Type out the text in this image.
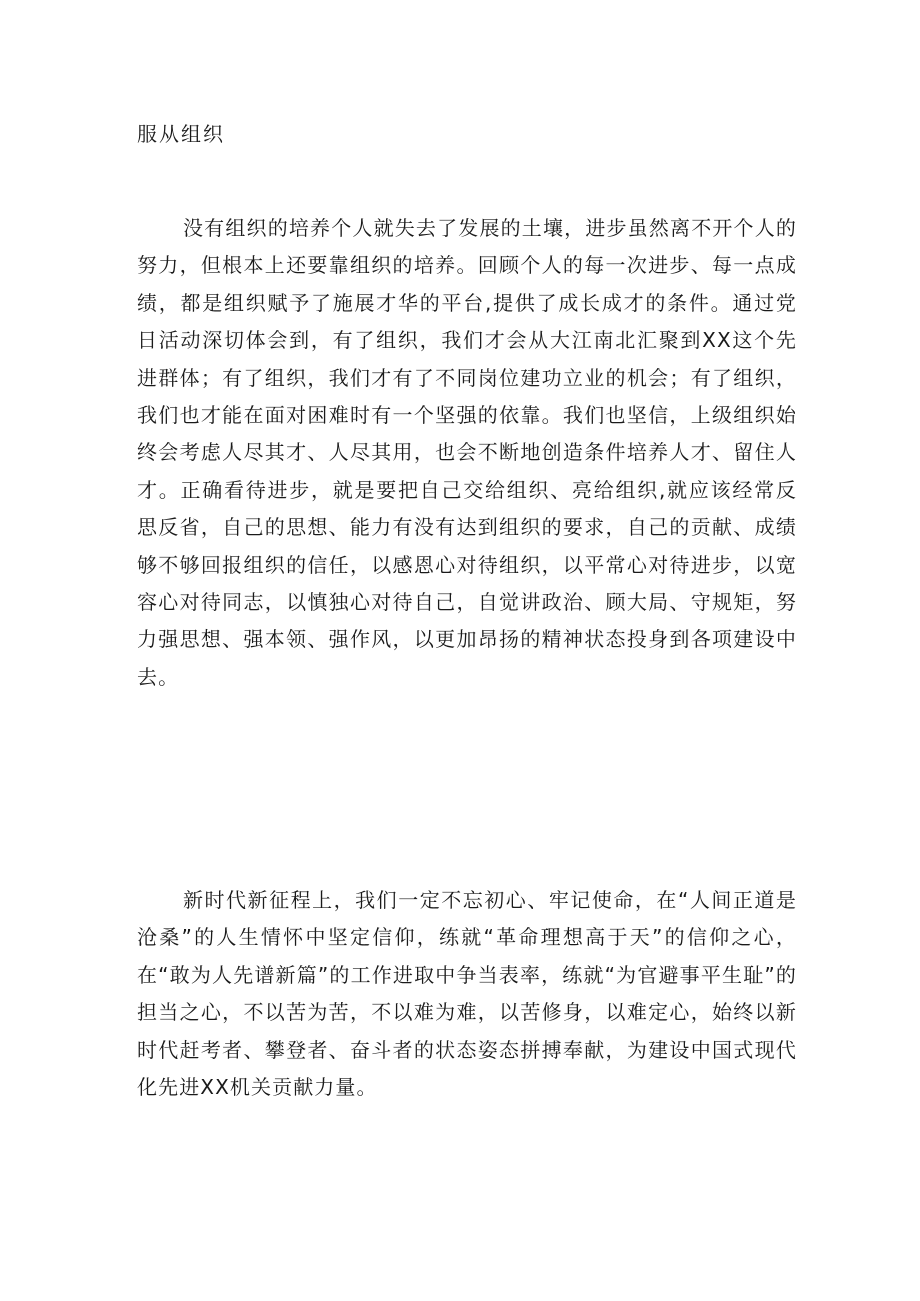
服从组织

没有组织的培养个人就失去了发展的土壤，进步虽然离不开个人的努力，但根本上还要靠组织的培养。回顾个人的每一次进步、每一点成绩，都是组织赋予了施展才华的平台,提供了成长成才的条件。通过党日活动深切体会到，有了组织，我们才会从大江南北汇聚到XX这个先进群体；有了组织，我们才有了不同岗位建功立业的机会；有了组织，我们也才能在面对困难时有一个坚强的依靠。我们也坚信，上级组织始终会考虑人尽其才、人尽其用，也会不断地创造条件培养人才、留住人才。正确看待进步，就是要把自己交给组织、亮给组织,就应该经常反思反省，自己的思想、能力有没有达到组织的要求，自己的贡献、成绩够不够回报组织的信任，以感恩心对待组织，以平常心对待进步，以宽容心对待同志，以慎独心对待自己，自觉讲政治、顾大局、守规矩，努力强思想、强本领、强作风，以更加昂扬的精神状态投身到各项建设中去。

新时代新征程上，我们一定不忘初心、牢记使命，在“人间正道是沧桑”的人生情怀中坚定信仰，练就“革命理想高于天”的信仰之心，在“敢为人先谱新篇”的工作进取中争当表率，练就“为官避事平生耻”的担当之心，不以苦为苦，不以难为难，以苦修身，以难定心，始终以新时代赶考者、攀登者、奋斗者的状态姿态拼搏奉献，为建设中国式现代化先进XX机关贡献力量。
